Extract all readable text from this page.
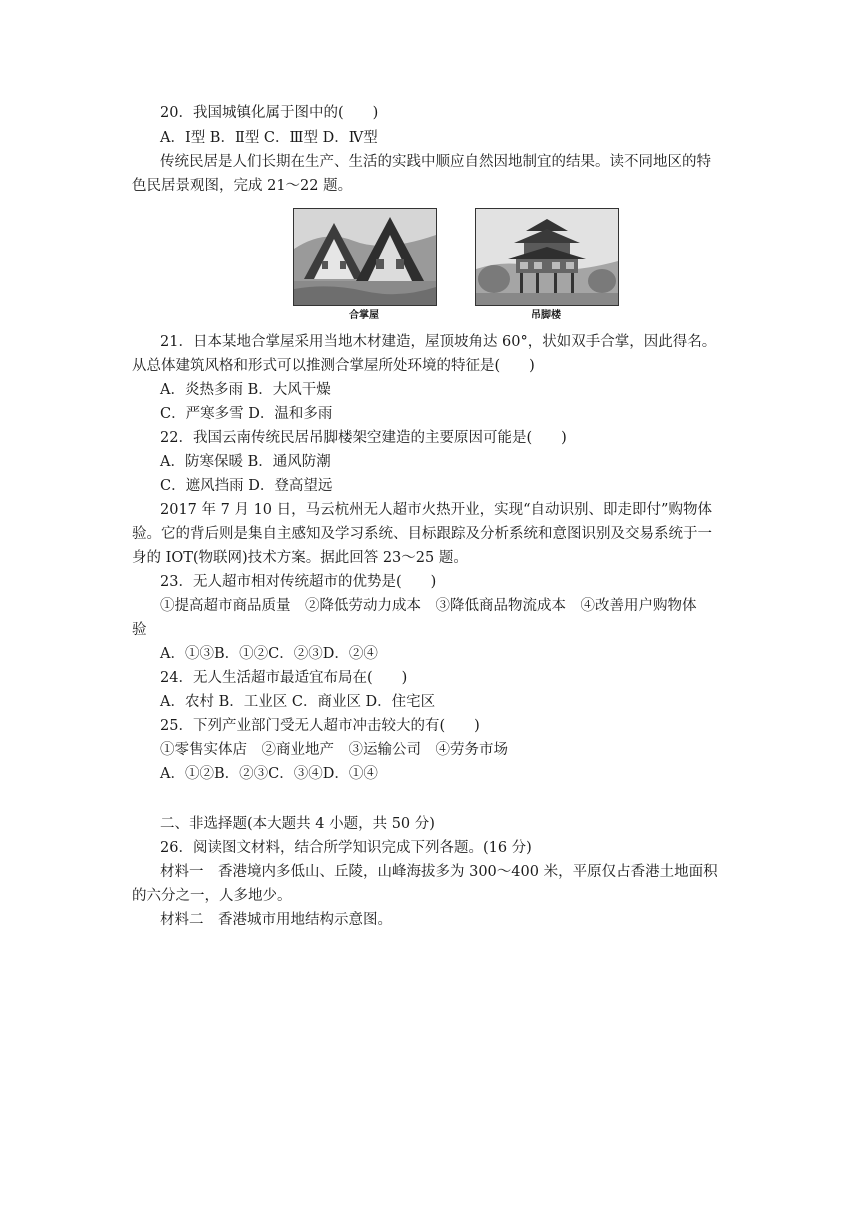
20．我国城镇化属于图中的(　　)
A．Ⅰ型 B．Ⅱ型 C．Ⅲ型 D．Ⅳ型
传统民居是人们长期在生产、生活的实践中顺应自然因地制宜的结果。读不同地区的特
色民居景观图，完成 21～22 题。
合掌屋	吊脚楼
21．日本某地合掌屋采用当地木材建造，屋顶坡角达 60°，状如双手合掌，因此得名。
从总体建筑风格和形式可以推测合掌屋所处环境的特征是(　　)
A．炎热多雨 B．大风干燥
C．严寒多雪 D．温和多雨
22．我国云南传统民居吊脚楼架空建造的主要原因可能是(　　)
A．防寒保暖 B．通风防潮
C．遮风挡雨 D．登高望远
2017 年 7 月 10 日，马云杭州无人超市火热开业，实现“自动识别、即走即付”购物体
验。它的背后则是集自主感知及学习系统、目标跟踪及分析系统和意图识别及交易系统于一
身的 IOT(物联网)技术方案。据此回答 23～25 题。
23．无人超市相对传统超市的优势是(　　)
①提高超市商品质量　②降低劳动力成本　③降低商品物流成本　④改善用户购物体
验
A．①③B．①②C．②③D．②④
24．无人生活超市最适宜布局在(　　)
A．农村 B．工业区 C．商业区 D．住宅区
25．下列产业部门受无人超市冲击较大的有(　　)
①零售实体店　②商业地产　③运输公司　④劳务市场
A．①②B．②③C．③④D．①④
二、非选择题(本大题共 4 小题，共 50 分)
26．阅读图文材料，结合所学知识完成下列各题。(16 分)
材料一　香港境内多低山、丘陵，山峰海拔多为 300～400 米，平原仅占香港土地面积
的六分之一，人多地少。
材料二　香港城市用地结构示意图。
